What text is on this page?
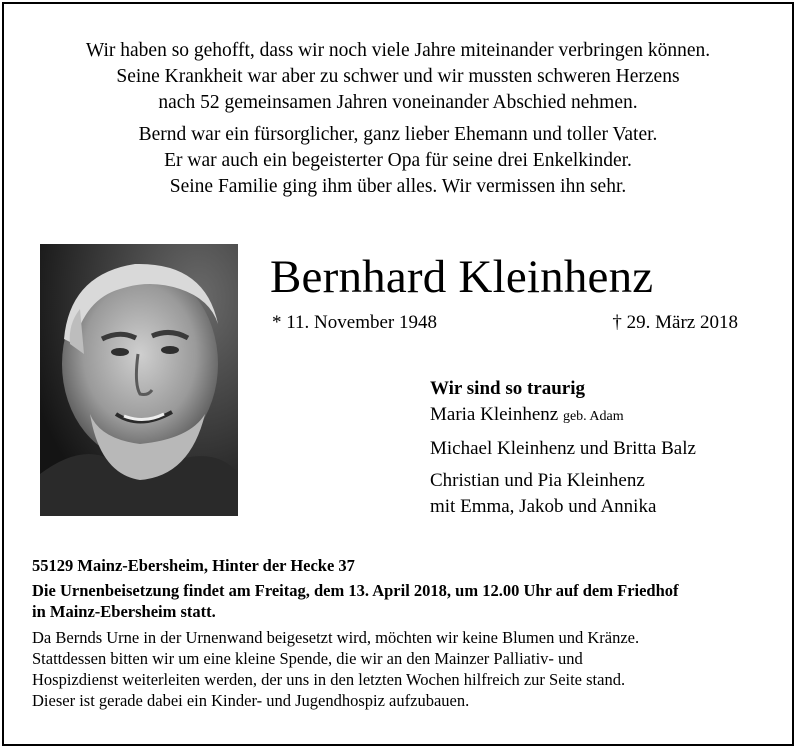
Wir haben so gehofft, dass wir noch viele Jahre miteinander verbringen können.
Seine Krankheit war aber zu schwer und wir mussten schweren Herzens
nach 52 gemeinsamen Jahren voneinander Abschied nehmen.
Bernd war ein fürsorglicher, ganz lieber Ehemann und toller Vater.
Er war auch ein begeisterter Opa für seine drei Enkelkinder.
Seine Familie ging ihm über alles. Wir vermissen ihn sehr.
Bernhard Kleinhenz
* 11. November 1948	† 29. März 2018
Wir sind so traurig
Maria Kleinhenz geb. Adam
Michael Kleinhenz und Britta Balz
Christian und Pia Kleinhenz
mit Emma, Jakob und Annika
55129 Mainz-Ebersheim, Hinter der Hecke 37
Die Urnenbeisetzung findet am Freitag, dem 13. April 2018, um 12.00 Uhr auf dem Friedhof
in Mainz-Ebersheim statt.
Da Bernds Urne in der Urnenwand beigesetzt wird, möchten wir keine Blumen und Kränze.
Stattdessen bitten wir um eine kleine Spende, die wir an den Mainzer Palliativ- und
Hospizdienst weiterleiten werden, der uns in den letzten Wochen hilfreich zur Seite stand.
Dieser ist gerade dabei ein Kinder- und Jugendhospiz aufzubauen.
